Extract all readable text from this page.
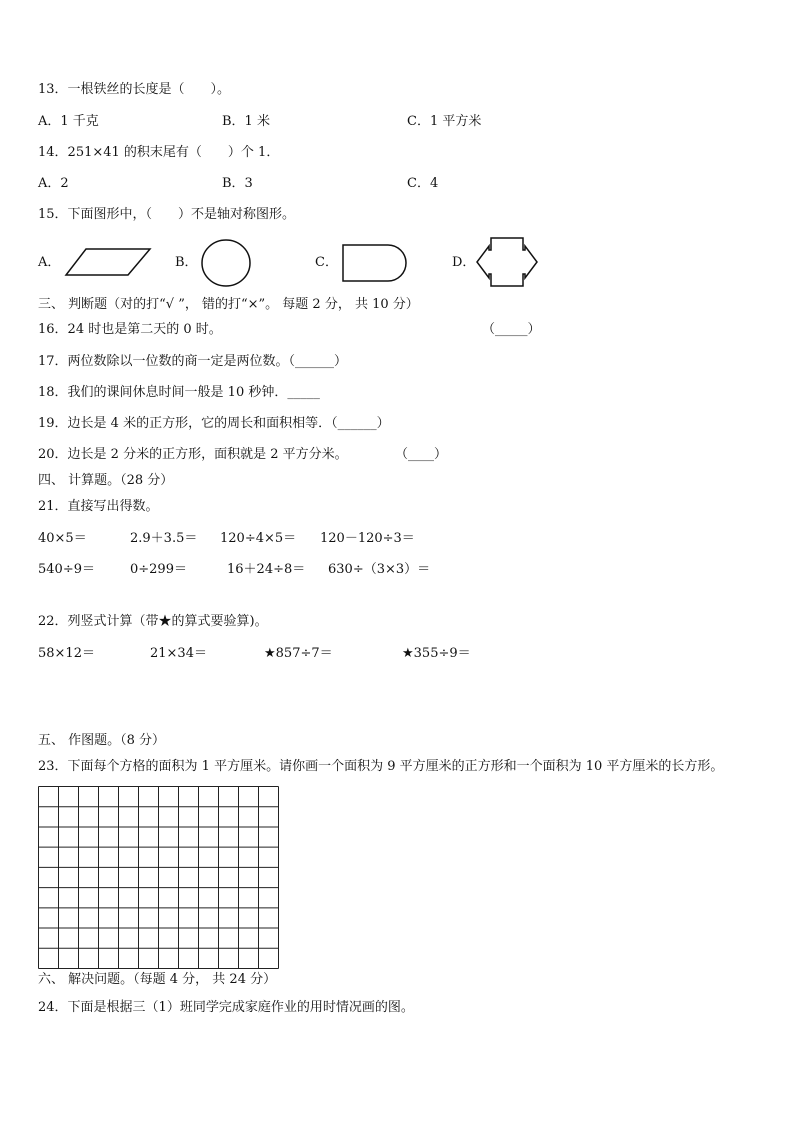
13．一根铁丝的长度是（　　）。
A．1 千克	B．1 米	C．1 平方米
14．251×41 的积末尾有（　　）个 1．
A．2	B．3	C．4
15．下面图形中，（　　）不是轴对称图形。
A．	B．	C．	D．
三、 判断题（对的打“√ ”， 错的打“×”。 每题 2 分， 共 10 分）
16．24 时也是第二天的 0 时。	（_____）
17．两位数除以一位数的商一定是两位数。（______）
18．我们的课间休息时间一般是 10 秒钟．_____
19．边长是 4 米的正方形，它的周长和面积相等．（______）
20．边长是 2 分米的正方形，面积就是 2 平方分米。	（____）
四、 计算题。（28 分）
21．直接写出得数。
40×5＝	2.9＋3.5＝ 120÷4×5＝ 120－120÷3＝
540÷9＝	0÷299＝	16＋24÷8＝ 630÷（3×3）＝
22．列竖式计算（带★的算式要验算)。
58×12＝	21×34＝	★857÷7＝	★355÷9＝
五、 作图题。（8 分）
23．下面每个方格的面积为 1 平方厘米。请你画一个面积为 9 平方厘米的正方形和一个面积为 10 平方厘米的长方形。
六、 解决问题。（每题 4 分， 共 24 分）
24．下面是根据三（1）班同学完成家庭作业的用时情况画的图。
